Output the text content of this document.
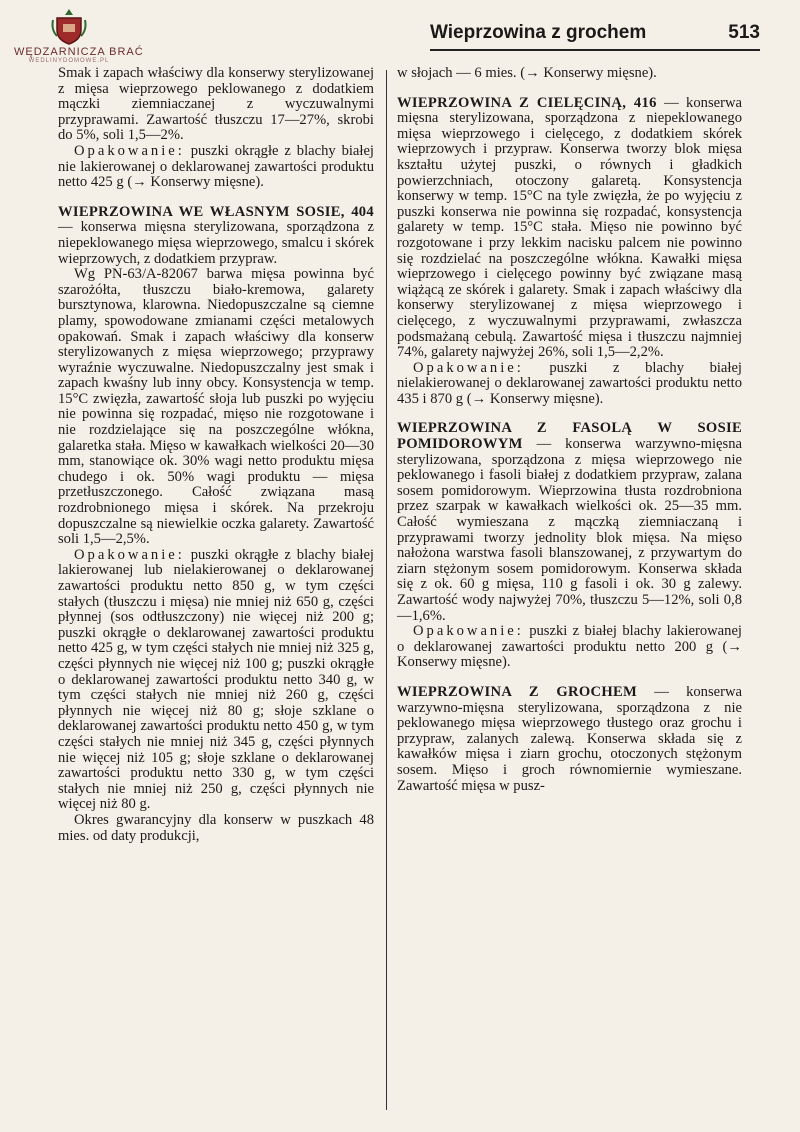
WĘDZARNICZA BRAĆ
WEDLINYDOMOWE.PL
Wieprzowina z grochem	513

Smak i zapach właściwy dla konserwy sterylizowanej z mięsa wieprzowego peklowanego z dodatkiem mączki ziemniaczanej z wyczuwalnymi przyprawami. Zawartość tłuszczu 17—27%, skrobi do 5%, soli 1,5—2%.

Opakowanie: puszki okrągłe z blachy białej nie lakierowanej o deklarowanej zawartości produktu netto 425 g (→ Konserwy mięsne).

WIEPRZOWINA WE WŁASNYM SOSIE, 404 — konserwa mięsna sterylizowana, sporządzona z niepeklowanego mięsa wieprzowego, smalcu i skórek wieprzowych, z dodatkiem przypraw.

Wg PN-63/A-82067 barwa mięsa powinna być szarożółta, tłuszczu biało-kremowa, galarety bursztynowa, klarowna. Niedopuszczalne są ciemne plamy, spowodowane zmianami części metalowych opakowań. Smak i zapach właściwy dla konserw sterylizowanych z mięsa wieprzowego; przyprawy wyraźnie wyczuwalne. Niedopuszczalny jest smak i zapach kwaśny lub inny obcy. Konsystencja w temp. 15°C zwięzła, zawartość słoja lub puszki po wyjęciu nie powinna się rozpadać, mięso nie rozgotowane i nie rozdzielające się na poszczególne włókna, galaretka stała. Mięso w kawałkach wielkości 20—30 mm, stanowiące ok. 30% wagi netto produktu mięsa chudego i ok. 50% wagi produktu — mięsa przetłuszczonego. Całość związana masą rozdrobnionego mięsa i skórek. Na przekroju dopuszczalne są niewielkie oczka galarety. Zawartość soli 1,5—2,5%.

Opakowanie: puszki okrągłe z blachy białej lakierowanej lub nielakierowanej o deklarowanej zawartości produktu netto 850 g, w tym części stałych (tłuszczu i mięsa) nie mniej niż 650 g, części płynnej (sos odtłuszczony) nie więcej niż 200 g; puszki okrągłe o deklarowanej zawartości produktu netto 425 g, w tym części stałych nie mniej niż 325 g, części płynnych nie więcej niż 100 g; puszki okrągłe o deklarowanej zawartości produktu netto 340 g, w tym części stałych nie mniej niż 260 g, części płynnych nie więcej niż 80 g; słoje szklane o deklarowanej zawartości produktu netto 450 g, w tym części stałych nie mniej niż 345 g, części płynnych nie więcej niż 105 g; słoje szklane o deklarowanej zawartości produktu netto 330 g, w tym części stałych nie mniej niż 250 g, części płynnych nie więcej niż 80 g.

Okres gwarancyjny dla konserw w puszkach 48 mies. od daty produkcji,

w słojach — 6 mies. (→ Konserwy mięsne).

WIEPRZOWINA Z CIELĘCINĄ, 416 — konserwa mięsna sterylizowana, sporządzona z niepeklowanego mięsa wieprzowego i cielęcego, z dodatkiem skórek wieprzowych i przypraw. Konserwa tworzy blok mięsa kształtu użytej puszki, o równych i gładkich powierzchniach, otoczony galaretą. Konsystencja konserwy w temp. 15°C na tyle zwięzła, że po wyjęciu z puszki konserwa nie powinna się rozpadać, konsystencja galarety w temp. 15°C stała. Mięso nie powinno być rozgotowane i przy lekkim nacisku palcem nie powinno się rozdzielać na poszczególne włókna. Kawałki mięsa wieprzowego i cielęcego powinny być związane masą wiążącą ze skórek i galarety. Smak i zapach właściwy dla konserwy sterylizowanej z mięsa wieprzowego i cielęcego, z wyczuwalnymi przyprawami, zwłaszcza podsmażaną cebulą. Zawartość mięsa i tłuszczu najmniej 74%, galarety najwyżej 26%, soli 1,5—2,2%.

Opakowanie: puszki z blachy białej nielakierowanej o deklarowanej zawartości produktu netto 435 i 870 g (→ Konserwy mięsne).

WIEPRZOWINA Z FASOLĄ W SOSIE POMIDOROWYM — konserwa warzywno-mięsna sterylizowana, sporządzona z mięsa wieprzowego nie peklowanego i fasoli białej z dodatkiem przypraw, zalana sosem pomidorowym. Wieprzowina tłusta rozdrobniona przez szarpak w kawałkach wielkości ok. 25—35 mm. Całość wymieszana z mączką ziemniaczaną i przyprawami tworzy jednolity blok mięsa. Na mięso nałożona warstwa fasoli blanszowanej, z przywartym do ziarn stężonym sosem pomidorowym. Konserwa składa się z ok. 60 g mięsa, 110 g fasoli i ok. 30 g zalewy. Zawartość wody najwyżej 70%, tłuszczu 5—12%, soli 0,8—1,6%.

Opakowanie: puszki z białej blachy lakierowanej o deklarowanej zawartości produktu netto 200 g (→ Konserwy mięsne).

WIEPRZOWINA Z GROCHEM — konserwa warzywno-mięsna sterylizowana, sporządzona z nie peklowanego mięsa wieprzowego tłustego oraz grochu i przypraw, zalanych zalewą. Konserwa składa się z kawałków mięsa i ziarn grochu, otoczonych stężonym sosem. Mięso i groch równomiernie wymieszane. Zawartość mięsa w pusz-
